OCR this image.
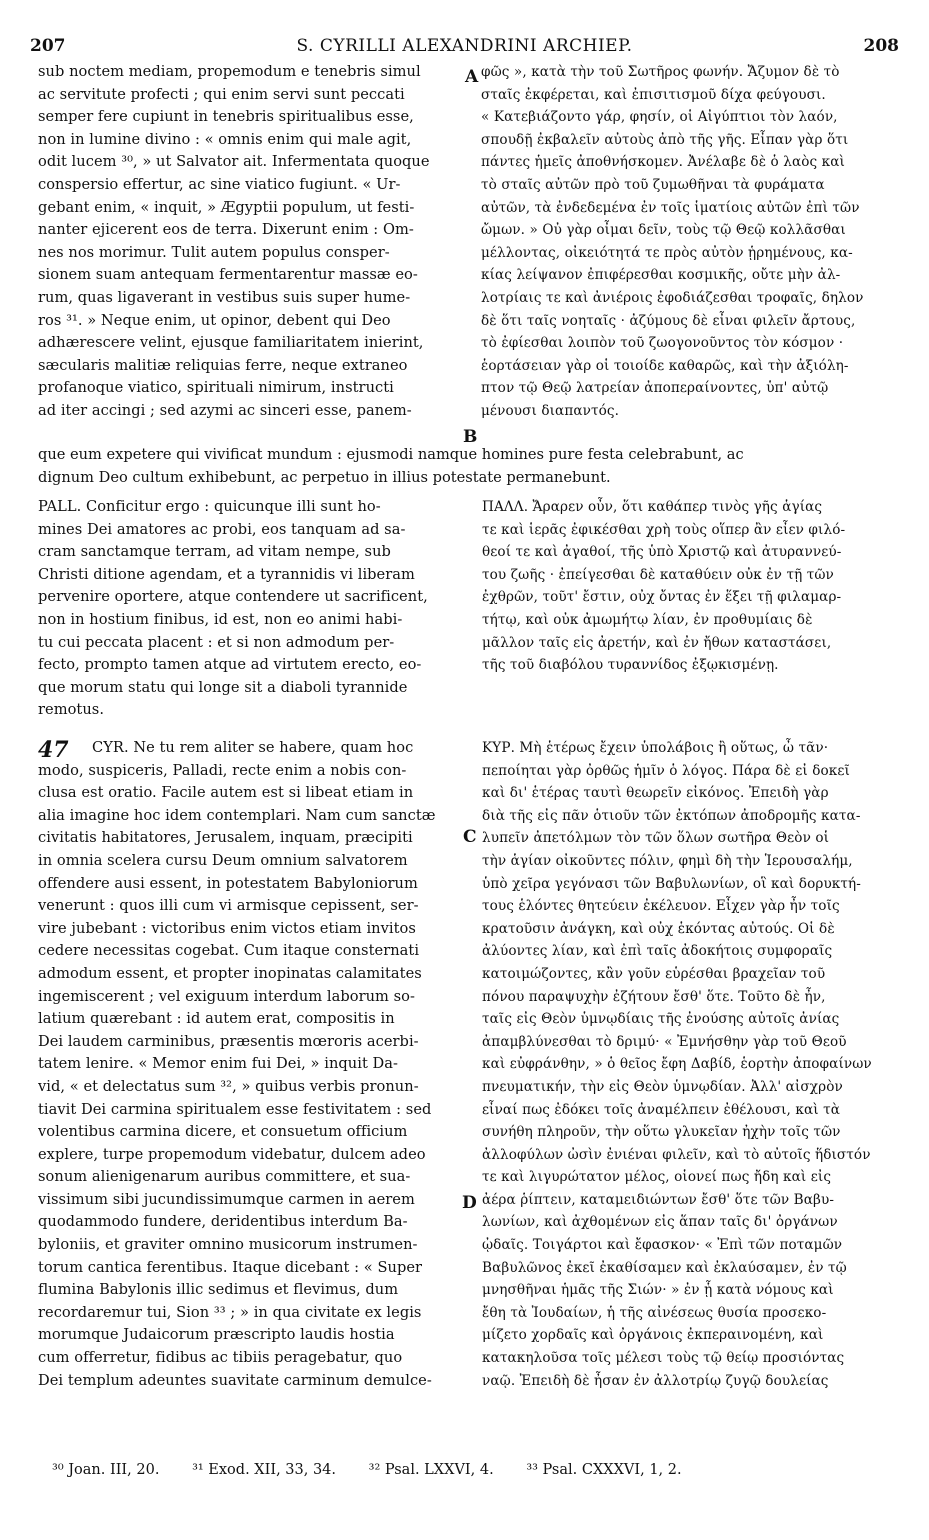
207	S. CYRILLI ALEXANDRINI ARCHIEP.	208
sub noctem mediam, propemodum e tenebris simul
ac servitute profecti ; qui enim servi sunt peccati
semper fere cupiunt in tenebris spiritualibus esse,
non in lumine divino : « omnis enim qui male agit,
odit lucem ³⁰, » ut Salvator ait. Infermentata quoque
conspersio effertur, ac sine viatico fugiunt. « Ur-
gebant enim, « inquit, » Ægyptii populum, ut festi-
nanter ejicerent eos de terra. Dixerunt enim : Om-
nes nos morimur. Tulit autem populus consper-
sionem suam antequam fermentarentur massæ eo-
rum, quas ligaverant in vestibus suis super hume-
ros ³¹. » Neque enim, ut opinor, debent qui Deo
adhærescere velint, ejusque familiaritatem inierint,
sæcularis malitiæ reliquias ferre, neque extraneo
profanoque viatico, spirituali nimirum, instructi
ad iter accingi ; sed azymi ac sinceri esse, panem-
φῶς », κατὰ τὴν τοῦ Σωτῆρος φωνήν. Ἄζυμον δὲ τὸ
σταῖς ἐκφέρεται, καὶ ἐπισιτισμοῦ δίχα φεύγουσι.
« Κατεβιάζοντο γάρ, φησίν, οἱ Αἰγύπτιοι τὸν λαόν,
σπουδῇ ἐκβαλεῖν αὐτοὺς ἀπὸ τῆς γῆς. Εἶπαν γὰρ ὅτι
πάντες ἡμεῖς ἀποθνήσκομεν. Ἀνέλαβε δὲ ὁ λαὸς καὶ
τὸ σταῖς αὐτῶν πρὸ τοῦ ζυμωθῆναι τὰ φυράματα
αὐτῶν, τὰ ἐνδεδεμένα ἐν τοῖς ἱματίοις αὐτῶν ἐπὶ τῶν
ὤμων. » Οὐ γὰρ οἶμαι δεῖν, τοὺς τῷ Θεῷ κολλᾶσθαι
μέλλοντας, οἰκειότητά τε πρὸς αὐτὸν ᾑρημένους, κα-
κίας λείψανον ἐπιφέρεσθαι κοσμικῆς, οὔτε μὴν ἀλ-
λοτρίαις τε καὶ ἀνιέροις ἐφοδιάζεσθαι τροφαῖς, δηλον
δὲ ὅτι ταῖς νοηταῖς · ἀζύμους δὲ εἶναι φιλεῖν ἄρτους,
τὸ ἐφίεσθαι λοιπὸν τοῦ ζωογονοῦντος τὸν κόσμον ·
ἑορτάσειαν γὰρ οἱ τοιοίδε καθαρῶς, καὶ τὴν ἀξιόλη-
πτον τῷ Θεῷ λατρείαν ἀποπεραίνοντες, ὑπ' αὐτῷ
μένουσι διαπαντός.
A
B
que eum expetere qui vivificat mundum : ejusmodi namque homines pure festa celebrabunt, ac
dignum Deo cultum exhibebunt, ac perpetuo in illius potestate permanebunt.
PALL. Conficitur ergo : quicunque illi sunt ho-
mines Dei amatores ac probi, eos tanquam ad sa-
cram sanctamque terram, ad vitam nempe, sub
Christi ditione agendam, et a tyrannidis vi liberam
pervenire oportere, atque contendere ut sacrificent,
non in hostium finibus, id est, non eo animi habi-
tu cui peccata placent : et si non admodum per-
fecto, prompto tamen atque ad virtutem erecto, eo-
que morum statu qui longe sit a diaboli tyrannide
remotus.
ΠΑΛΛ. Ἄραρεν οὖν, ὅτι καθάπερ τινὸς γῆς ἁγίας
τε καὶ ἱερᾶς ἐφικέσθαι χρὴ τοὺς οἵπερ ἂν εἶεν φιλό-
θεοί τε καὶ ἀγαθοί, τῆς ὑπὸ Χριστῷ καὶ ἀτυραννεύ-
του ζωῆς · ἐπείγεσθαι δὲ καταθύειν οὐκ ἐν τῇ τῶν
ἐχθρῶν, τοῦτ' ἔστιν, οὐχ ὄντας ἐν ἕξει τῇ φιλαμαρ-
τήτῳ, καὶ οὐκ ἀμωμήτῳ λίαν, ἐν προθυμίαις δὲ
μᾶλλον ταῖς εἰς ἀρετήν, καὶ ἐν ἤθων καταστάσει,
τῆς τοῦ διαβόλου τυραννίδος ἐξῳκισμένῃ.
47	CYR. Ne tu rem aliter se habere, quam hoc
modo, suspiceris, Palladi, recte enim a nobis con-
clusa est oratio. Facile autem est si libeat etiam in
alia imagine hoc idem contemplari. Nam cum sanctæ
civitatis habitatores, Jerusalem, inquam, præcipiti
in omnia scelera cursu Deum omnium salvatorem
offendere ausi essent, in potestatem Babyloniorum
venerunt : quos illi cum vi armisque cepissent, ser-
vire jubebant : victoribus enim victos etiam invitos
cedere necessitas cogebat. Cum itaque consternati
admodum essent, et propter inopinatas calamitates
ingemiscerent ; vel exiguum interdum laborum so-
latium quærebant : id autem erat, compositis in
Dei laudem carminibus, præsentis mœroris acerbi-
tatem lenire. « Memor enim fui Dei, » inquit Da-
vid, « et delectatus sum ³², » quibus verbis pronun-
tiavit Dei carmina spiritualem esse festivitatem : sed
volentibus carmina dicere, et consuetum officium
explere, turpe propemodum videbatur, dulcem adeo
sonum alienigenarum auribus committere, et sua-
vissimum sibi jucundissimumque carmen in aerem
quodammodo fundere, deridentibus interdum Ba-
byloniis, et graviter omnino musicorum instrumen-
torum cantica ferentibus. Itaque dicebant : « Super
flumina Babylonis illic sedimus et flevimus, dum
recordaremur tui, Sion ³³ ; » in qua civitate ex legis
morumque Judaicorum præscripto laudis hostia
cum offerretur, fidibus ac tibiis peragebatur, quo
Dei templum adeuntes suavitate carminum demulce-
ΚΥΡ. Μὴ ἑτέρως ἔχειν ὑπολάβοις ἢ οὕτως, ὦ τᾶν·
πεποίηται γὰρ ὀρθῶς ἡμῖν ὁ λόγος. Πάρα δὲ εἰ δοκεῖ
καὶ δι' ἑτέρας ταυτὶ θεωρεῖν εἰκόνος. Ἐπειδὴ γὰρ
διὰ τῆς εἰς πᾶν ὁτιοῦν τῶν ἐκτόπων ἀποδρομῆς κατα-
λυπεῖν ἀπετόλμων τὸν τῶν ὅλων σωτῆρα Θεὸν οἱ
τὴν ἁγίαν οἰκοῦντες πόλιν, φημὶ δὴ τὴν Ἱερουσαλήμ,
ὑπὸ χεῖρα γεγόνασι τῶν Βαβυλωνίων, οἳ καὶ δορυκτή-
τους ἑλόντες θητεύειν ἐκέλευον. Εἶχεν γὰρ ἦν τοῖς
κρατοῦσιν ἀνάγκη, καὶ οὐχ ἑκόντας αὐτούς. Οἱ δὲ
ἀλύοντες λίαν, καὶ ἐπὶ ταῖς ἀδοκήτοις συμφοραῖς
κατοιμώζοντες, κἂν γοῦν εὑρέσθαι βραχεῖαν τοῦ
πόνου παραψυχὴν ἐζήτουν ἔσθ' ὅτε. Τοῦτο δὲ ἦν,
ταῖς εἰς Θεὸν ὑμνῳδίαις τῆς ἐνούσης αὐτοῖς ἀνίας
ἀπαμβλύνεσθαι τὸ δριμύ· « Ἐμνήσθην γὰρ τοῦ Θεοῦ
καὶ εὐφράνθην, » ὁ θεῖος ἔφη Δαβίδ, ἑορτὴν ἀποφαίνων
πνευματικήν, τὴν εἰς Θεὸν ὑμνῳδίαν. Ἀλλ' αἰσχρὸν
εἶναί πως ἐδόκει τοῖς ἀναμέλπειν ἐθέλουσι, καὶ τὰ
συνήθη πληροῦν, τὴν οὕτω γλυκεῖαν ἠχὴν τοῖς τῶν
ἀλλοφύλων ὠσὶν ἐνιέναι φιλεῖν, καὶ τὸ αὐτοῖς ἥδιστόν
τε καὶ λιγυρώτατον μέλος, οἱονεί πως ἤδη καὶ εἰς
ἀέρα ῥίπτειν, καταμειδιώντων ἔσθ' ὅτε τῶν Βαβυ-
λωνίων, καὶ ἀχθομένων εἰς ἅπαν ταῖς δι' ὀργάνων
ᾠδαῖς. Τοιγάρτοι καὶ ἔφασκον· « Ἐπὶ τῶν ποταμῶν
Βαβυλῶνος ἐκεῖ ἐκαθίσαμεν καὶ ἐκλαύσαμεν, ἐν τῷ
μνησθῆναι ἡμᾶς τῆς Σιών· » ἐν ᾗ κατὰ νόμους καὶ
ἔθη τὰ Ἰουδαίων, ἡ τῆς αἰνέσεως θυσία προσεκο-
μίζετο χορδαῖς καὶ ὀργάνοις ἐκπεραινομένη, καὶ
κατακηλοῦσα τοῖς μέλεσι τοὺς τῷ θείῳ προσιόντας
ναῷ. Ἐπειδὴ δὲ ἦσαν ἐν ἀλλοτρίῳ ζυγῷ δουλείας
C
D
³⁰ Joan. III, 20. ³¹ Exod. XII, 33, 34. ³² Psal. LXXVI, 4. ³³ Psal. CXXXVI, 1, 2.
